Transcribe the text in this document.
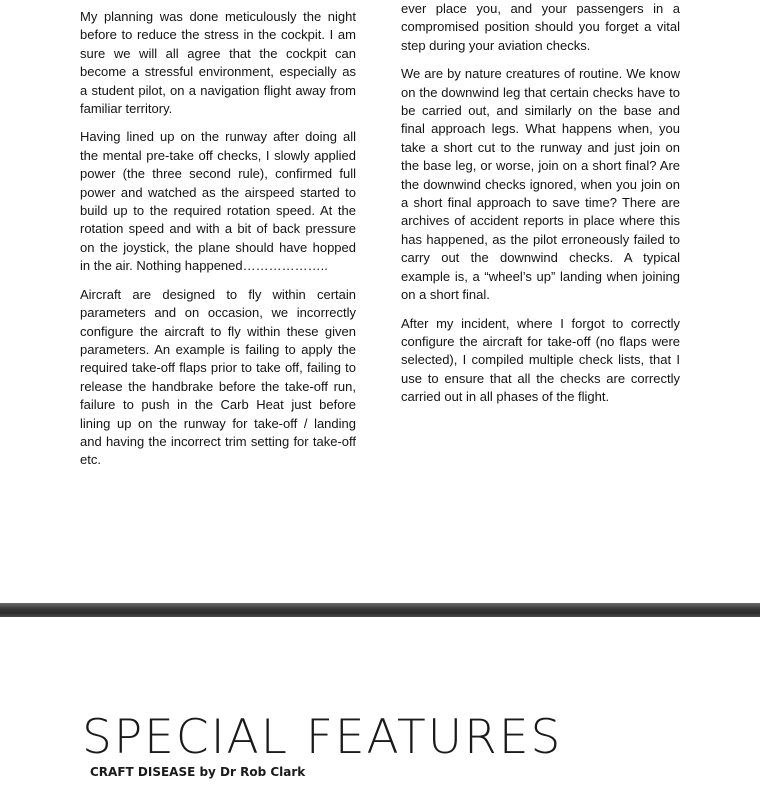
My planning was done meticulously the night before to reduce the stress in the cockpit. I am sure we will all agree that the cockpit can become a stressful environment, especially as a student pilot, on a navigation flight away from familiar territory.

Having lined up on the runway after doing all the mental pre-take off checks, I slowly applied power (the three second rule), confirmed full power and watched as the airspeed started to build up to the required rotation speed. At the rotation speed and with a bit of back pressure on the joystick, the plane should have hopped in the air. Nothing happened………………..

Aircraft are designed to fly within certain parameters and on occasion, we incorrectly configure the aircraft to fly within these given parameters. An example is failing to apply the required take-off flaps prior to take off, failing to release the handbrake before the take-off run, failure to push in the Carb Heat just before lining up on the runway for take-off / landing and having the incorrect trim setting for take-off etc.

ever place you, and your passengers in a compromised position should you forget a vital step during your aviation checks.

We are by nature creatures of routine. We know on the downwind leg that certain checks have to be carried out, and similarly on the base and final approach legs. What happens when, you take a short cut to the runway and just join on the base leg, or worse, join on a short final? Are the downwind checks ignored, when you join on a short final approach to save time? There are archives of accident reports in place where this has happened, as the pilot erroneously failed to carry out the downwind checks. A typical example is, a “wheel’s up” landing when joining on a short final.

After my incident, where I forgot to correctly configure the aircraft for take-off (no flaps were selected), I compiled multiple check lists, that I use to ensure that all the checks are correctly carried out in all phases of the flight.

SPECIAL FEATURES
CRAFT DISEASE by Dr Rob Clark
